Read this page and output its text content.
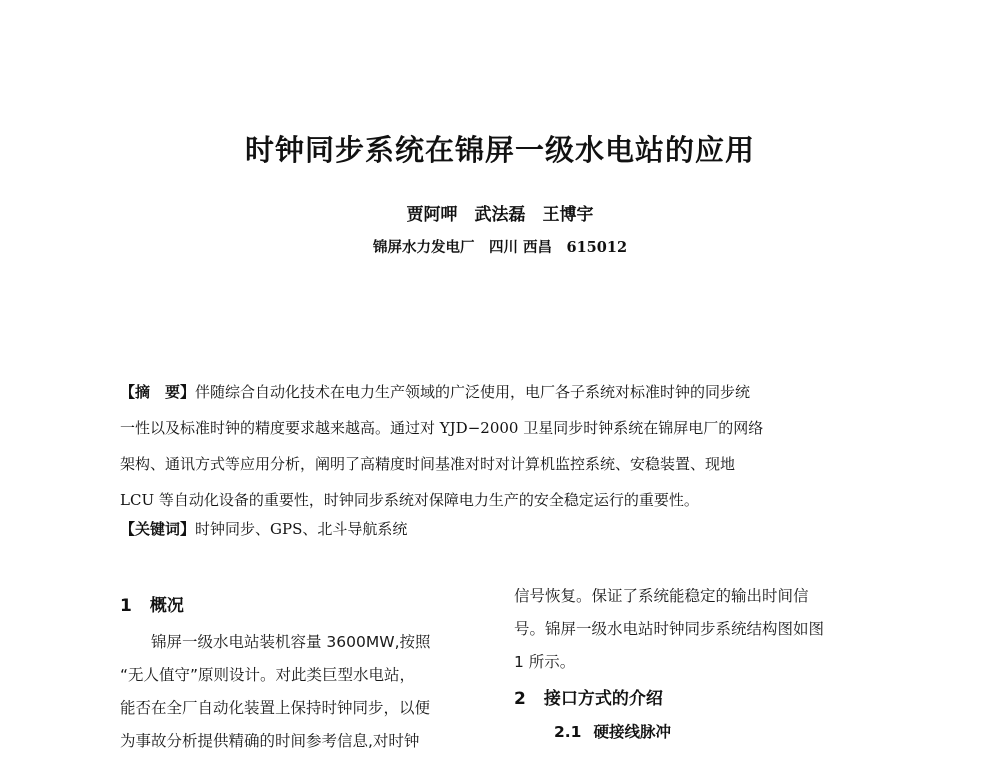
时钟同步系统在锦屏一级水电站的应用
贾阿呷　武法磊　王博宇
锦屏水力发电厂　四川 西昌　615012
【摘　要】伴随综合自动化技术在电力生产领域的广泛使用，电厂各子系统对标准时钟的同步统
一性以及标准时钟的精度要求越来越高。通过对 YJD−2000 卫星同步时钟系统在锦屏电厂的网络
架构、通讯方式等应用分析，阐明了高精度时间基准对时对计算机监控系统、安稳装置、现地
LCU 等自动化设备的重要性，时钟同步系统对保障电力生产的安全稳定运行的重要性。
【关键词】时钟同步、GPS、北斗导航系统
1 概况
锦屏一级水电站装机容量 3600MW,按照
“无人值守”原则设计。对此类巨型水电站，
能否在全厂自动化装置上保持时钟同步，以便
为事故分析提供精确的时间参考信息,对时钟
信号恢复。保证了系统能稳定的输出时间信
号。锦屏一级水电站时钟同步系统结构图如图
1 所示。
2 接口方式的介绍
2.1 硬接线脉冲
